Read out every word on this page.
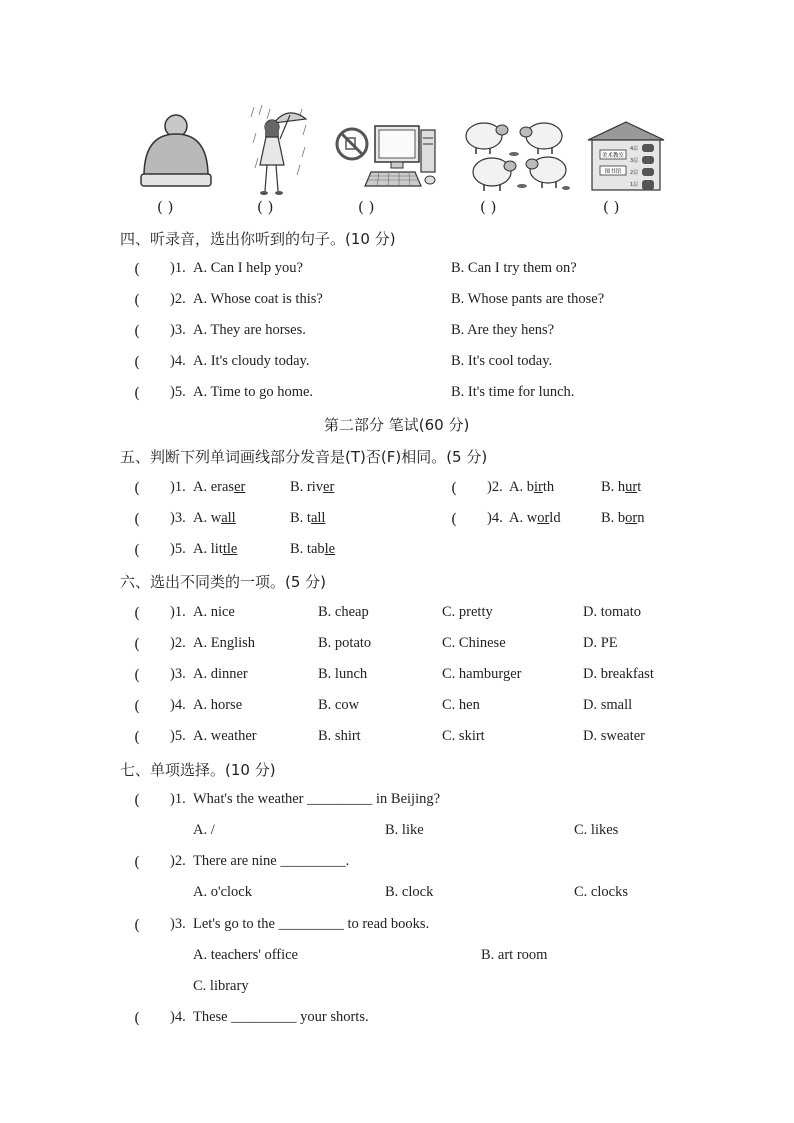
美术教室
图书馆
4层
3层
2层
1层
( )	( )	( )	( )	( )
四、听录音，选出你听到的句子。(10 分)
( )1. A. Can I help you?	B. Can I try them on?
( )2. A. Whose coat is this?	B. Whose pants are those?
( )3. A. They are horses.	B. Are they hens?
( )4. A. It's cloudy today.	B. It's cool today.
( )5. A. Time to go home.	B. It's time for lunch.
第二部分 笔试(60 分)
五、判断下列单词画线部分发音是(T)否(F)相同。(5 分)
( )1. A. eraser	B. river	( )2. A. birth	B. hurt
( )3. A. wall	B. tall	( )4. A. world	B. born
( )5. A. little	B. table
六、选出不同类的一项。(5 分)
( )1. A. nice	B. cheap	C. pretty	D. tomato
( )2. A. English	B. potato	C. Chinese	D. PE
( )3. A. dinner	B. lunch	C. hamburger	D. breakfast
( )4. A. horse	B. cow	C. hen	D. small
( )5. A. weather	B. shirt	C. skirt	D. sweater
七、单项选择。(10 分)
( )1. What's the weather _________ in Beijing?
A. /	B. like	C. likes
( )2. There are nine _________.
A. o'clock	B. clock	C. clocks
( )3. Let's go to the _________ to read books.
A. teachers' office	B. art room
C. library
( )4. These _________ your shorts.
